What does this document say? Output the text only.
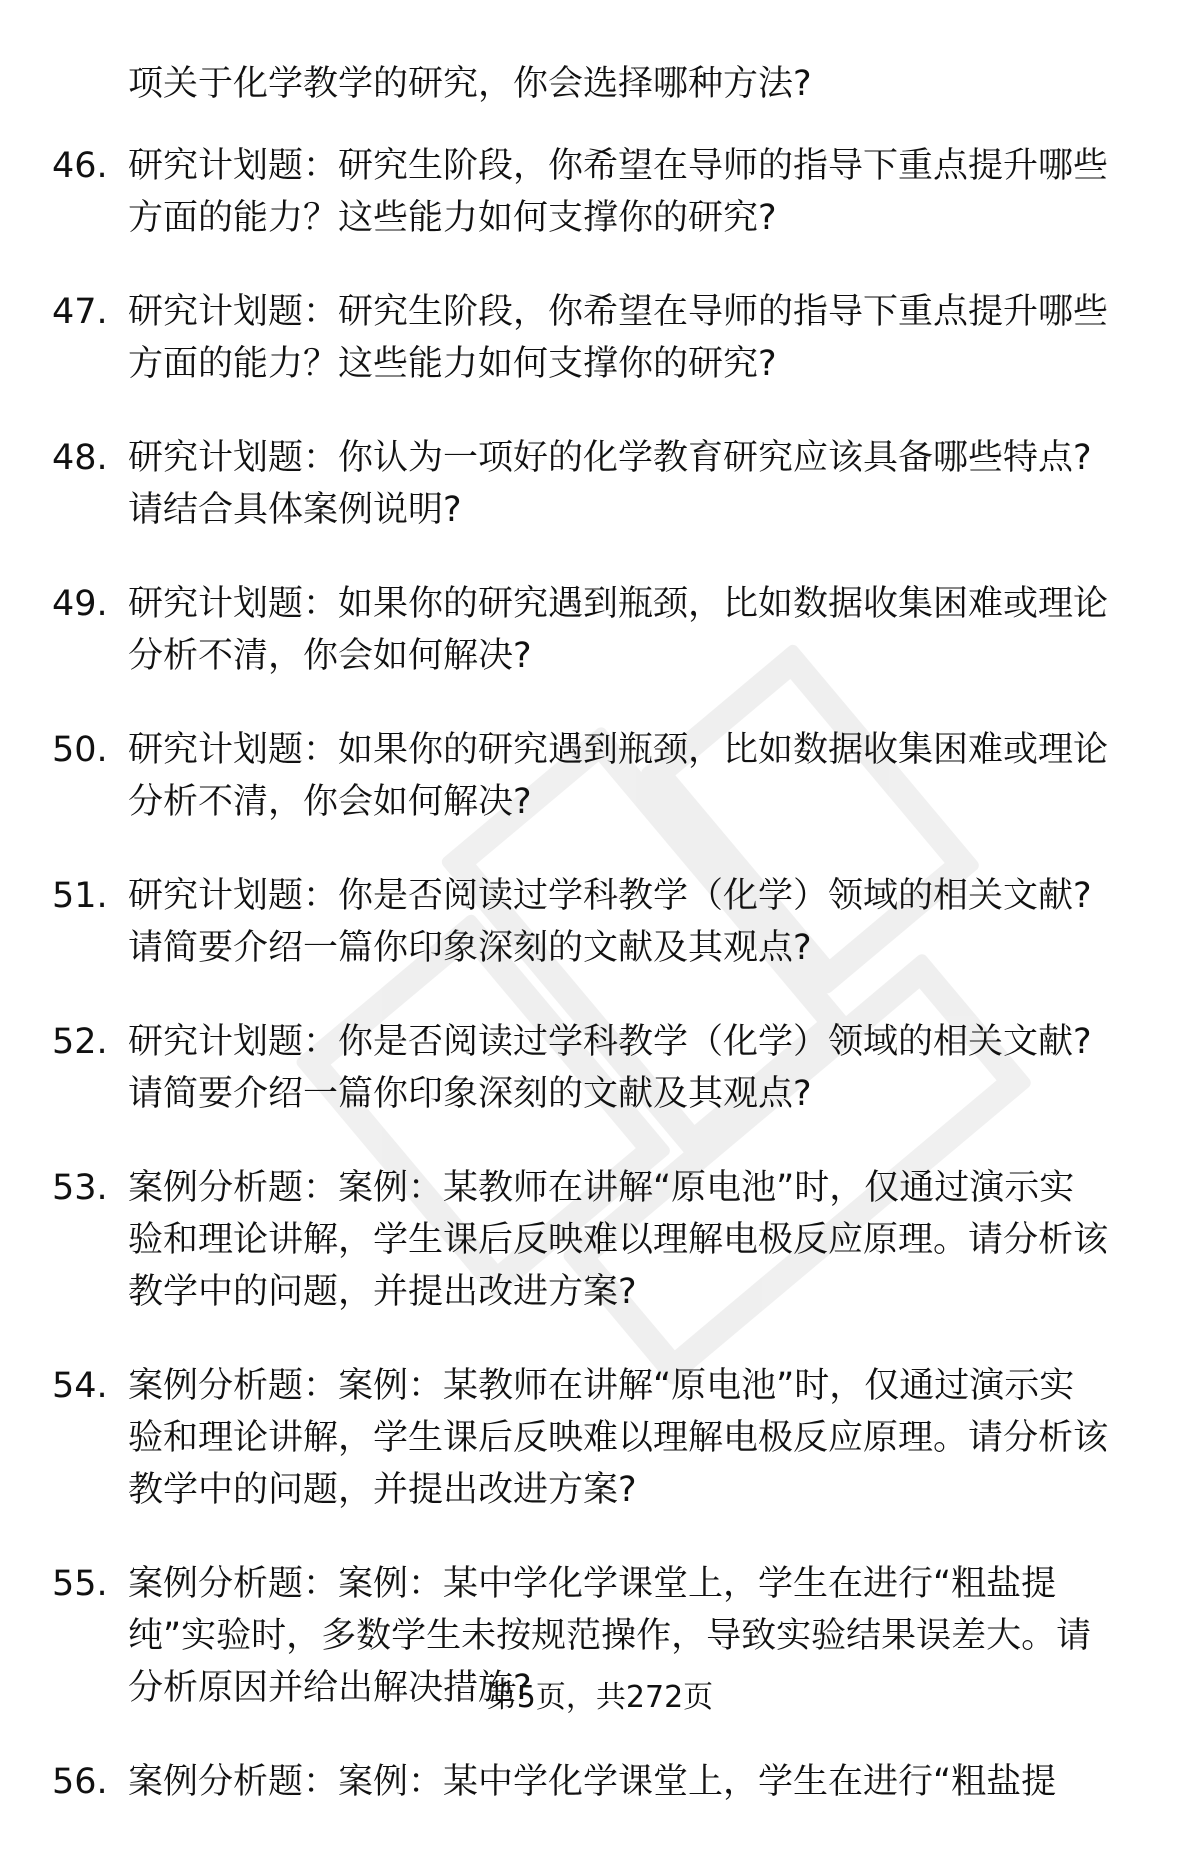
项关于化学教学的研究，你会选择哪种方法?
46. 研究计划题：研究生阶段，你希望在导师的指导下重点提升哪些
方面的能力？这些能力如何支撑你的研究?
47. 研究计划题：研究生阶段，你希望在导师的指导下重点提升哪些
方面的能力？这些能力如何支撑你的研究?
48. 研究计划题：你认为一项好的化学教育研究应该具备哪些特点?
请结合具体案例说明?
49. 研究计划题：如果你的研究遇到瓶颈，比如数据收集困难或理论
分析不清，你会如何解决?
50. 研究计划题：如果你的研究遇到瓶颈，比如数据收集困难或理论
分析不清，你会如何解决?
51. 研究计划题：你是否阅读过学科教学（化学）领域的相关文献?
请简要介绍一篇你印象深刻的文献及其观点?
52. 研究计划题：你是否阅读过学科教学（化学）领域的相关文献?
请简要介绍一篇你印象深刻的文献及其观点?
53. 案例分析题：案例：某教师在讲解“原电池”时，仅通过演示实
验和理论讲解，学生课后反映难以理解电极反应原理。请分析该
教学中的问题，并提出改进方案?
54. 案例分析题：案例：某教师在讲解“原电池”时，仅通过演示实
验和理论讲解，学生课后反映难以理解电极反应原理。请分析该
教学中的问题，并提出改进方案?
55. 案例分析题：案例：某中学化学课堂上，学生在进行“粗盐提
纯”实验时，多数学生未按规范操作，导致实验结果误差大。请
分析原因并给出解决措施?
56. 案例分析题：案例：某中学化学课堂上，学生在进行“粗盐提
第5页，共272页
